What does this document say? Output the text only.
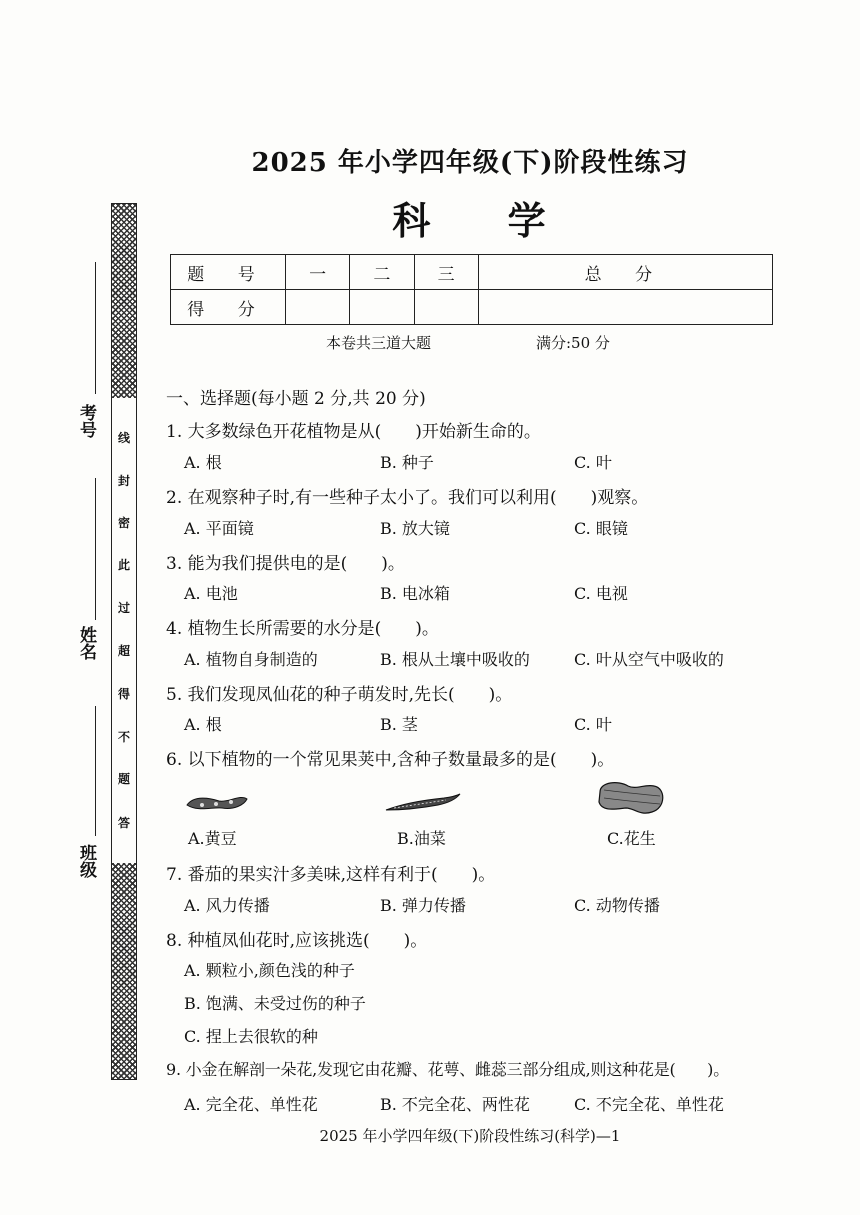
2025 年小学四年级(下)阶段性练习
科 学
题 号	一	二	三	总 分
得 分				
本卷共三道大题	满分:50 分
线
封
密
此
过
超
得
不
题
答
考号
姓名
班级
一、选择题(每小题 2 分,共 20 分)
1. 大多数绿色开花植物是从(　　)开始新生命的。
A. 根	B. 种子	C. 叶
2. 在观察种子时,有一些种子太小了。我们可以利用(　　)观察。
A. 平面镜	B. 放大镜	C. 眼镜
3. 能为我们提供电的是(　　)。
A. 电池	B. 电冰箱	C. 电视
4. 植物生长所需要的水分是(　　)。
A. 植物自身制造的	B. 根从土壤中吸收的	C. 叶从空气中吸收的
5. 我们发现凤仙花的种子萌发时,先长(　　)。
A. 根	B. 茎	C. 叶
6. 以下植物的一个常见果荚中,含种子数量最多的是(　　)。
A.黄豆	B.油菜	C.花生
7. 番茄的果实汁多美味,这样有利于(　　)。
A. 风力传播	B. 弹力传播	C. 动物传播
8. 种植凤仙花时,应该挑选(　　)。
A. 颗粒小,颜色浅的种子
B. 饱满、未受过伤的种子
C. 捏上去很软的种
9. 小金在解剖一朵花,发现它由花瓣、花萼、雌蕊三部分组成,则这种花是(　　)。
A. 完全花、单性花	B. 不完全花、两性花	C. 不完全花、单性花
2025 年小学四年级(下)阶段性练习(科学)—1
